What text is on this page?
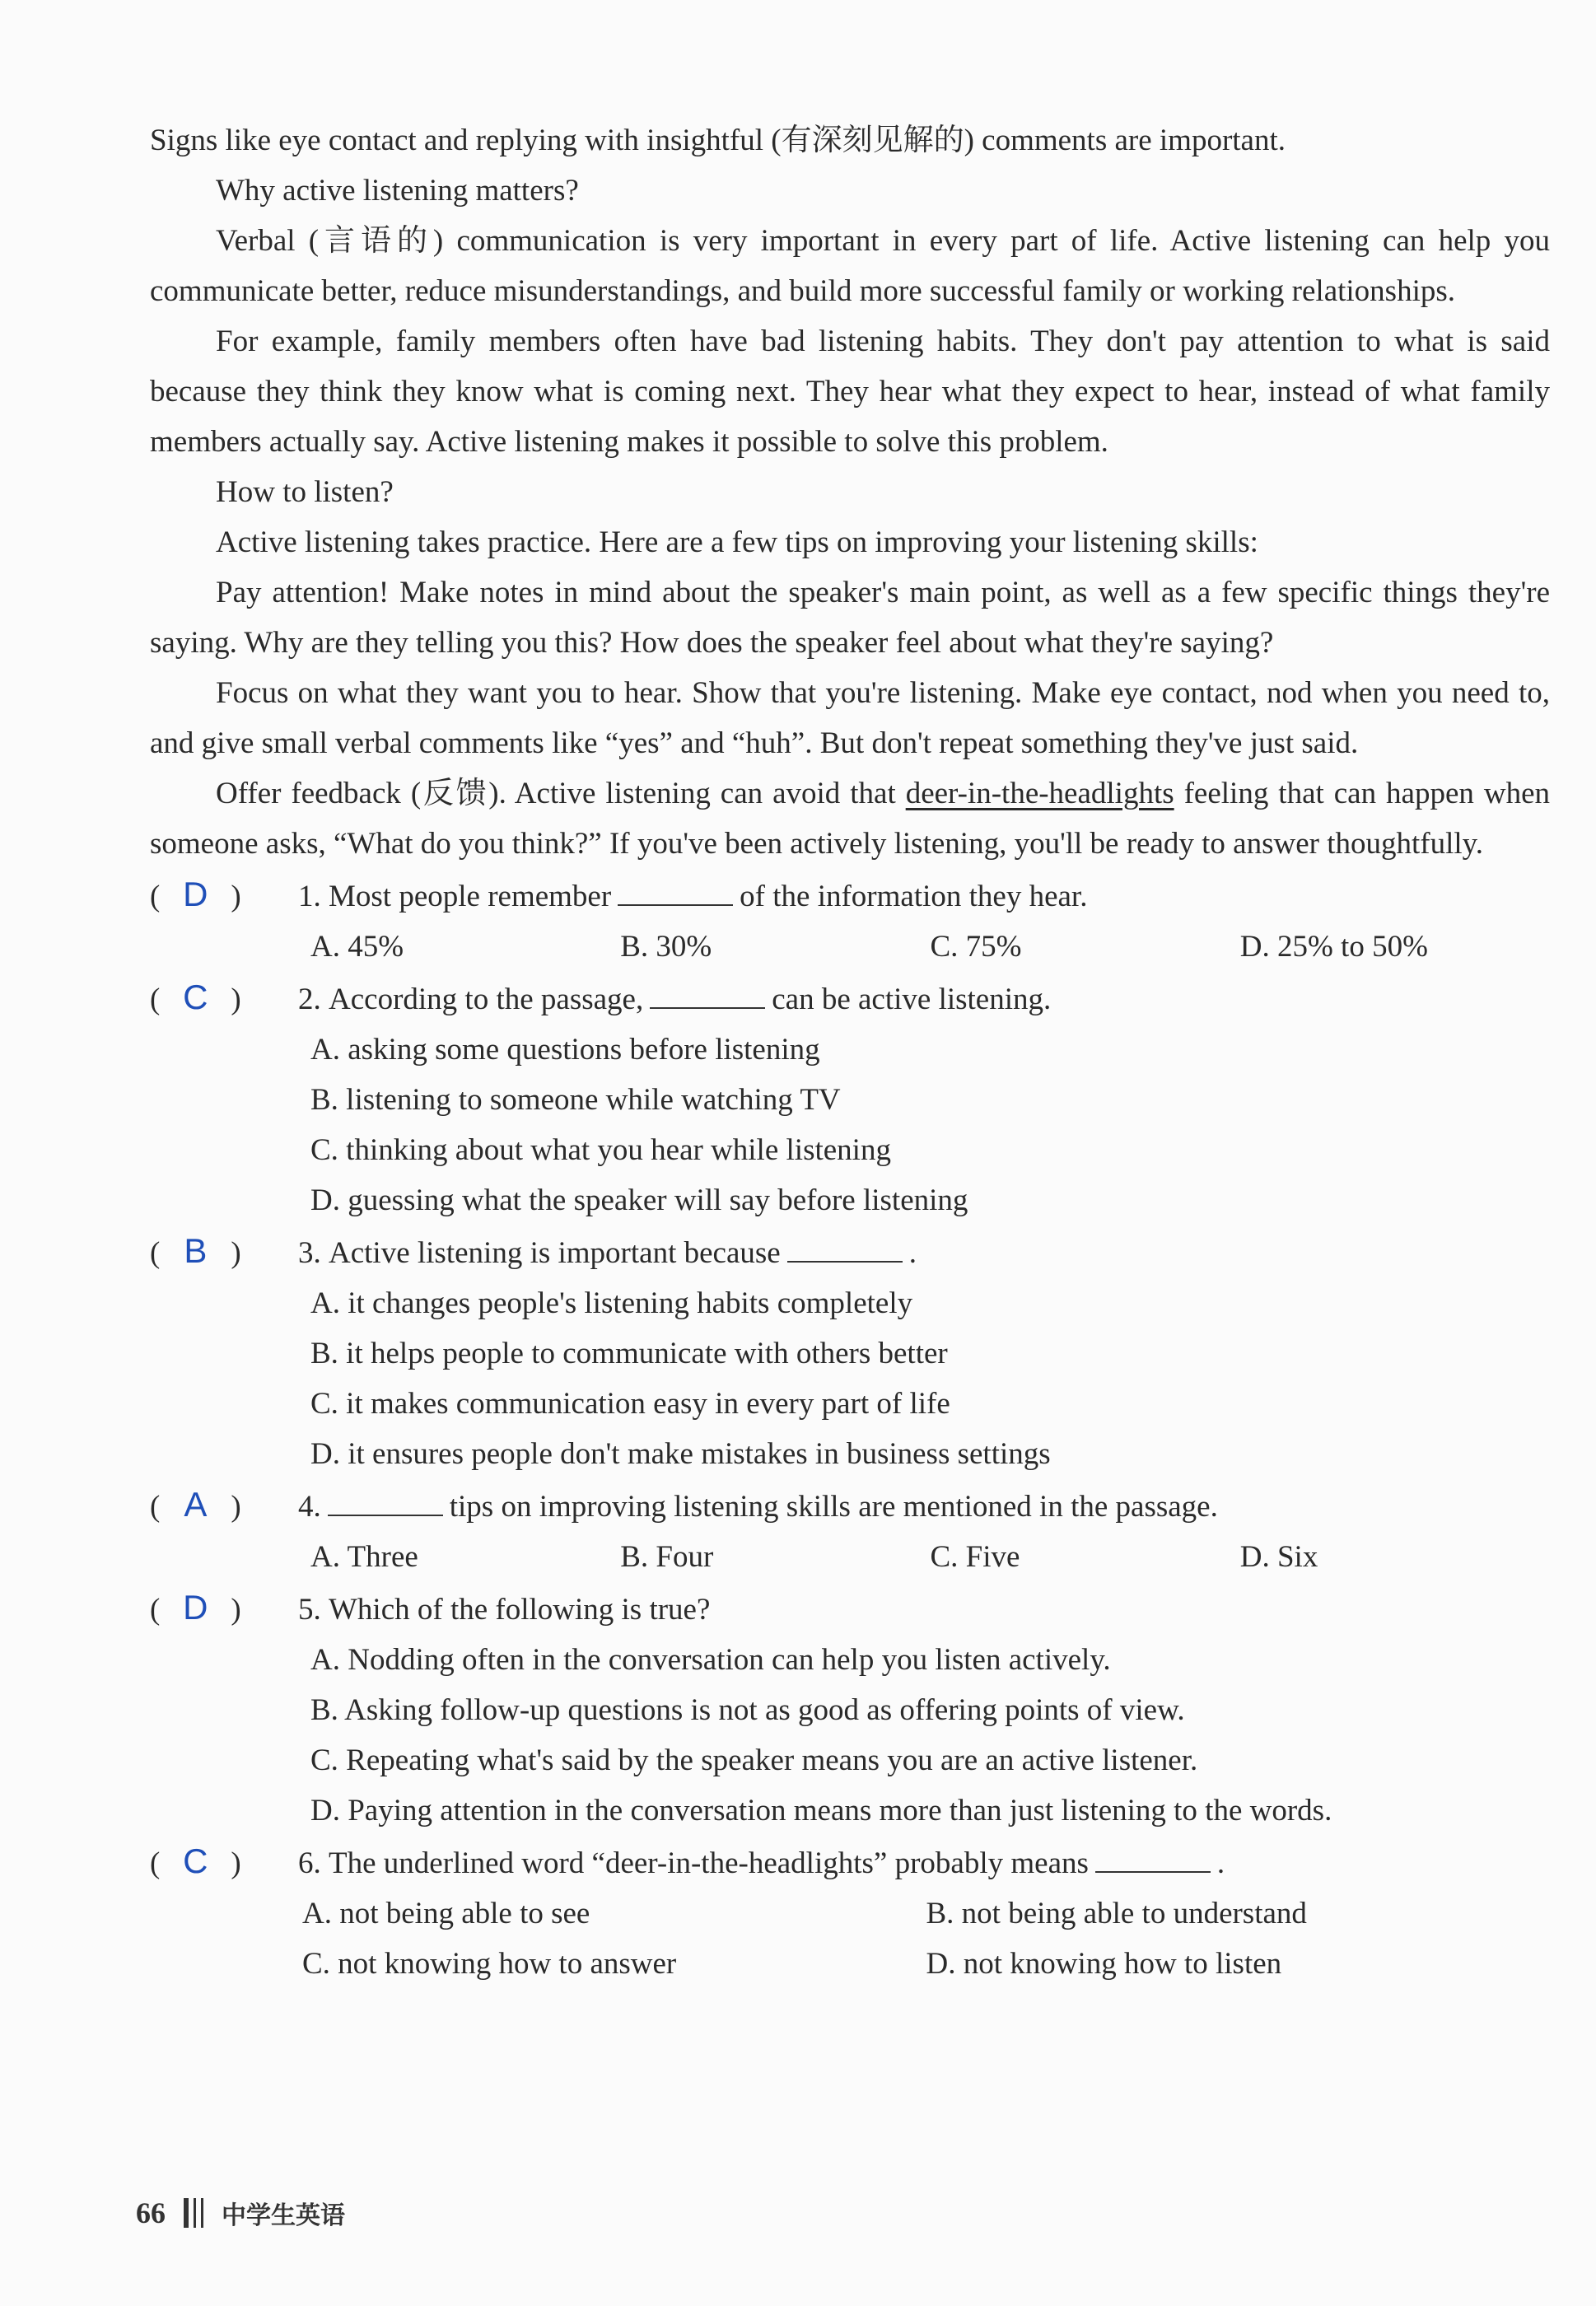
Signs like eye contact and replying with insightful (有深刻见解的) comments are important.

Why active listening matters?

Verbal (言语的) communication is very important in every part of life. Active listening can help you communicate better, reduce misunderstandings, and build more successful family or working relationships.

For example, family members often have bad listening habits. They don't pay attention to what is said because they think they know what is coming next. They hear what they expect to hear, instead of what family members actually say. Active listening makes it possible to solve this problem.

How to listen?

Active listening takes practice. Here are a few tips on improving your listening skills:

Pay attention! Make notes in mind about the speaker's main point, as well as a few specific things they're saying. Why are they telling you this? How does the speaker feel about what they're saying?

Focus on what they want you to hear. Show that you're listening. Make eye contact, nod when you need to, and give small verbal comments like “yes” and “huh”. But don't repeat something they've just said.

Offer feedback (反馈). Active listening can avoid that deer-in-the-headlights feeling that can happen when someone asks, “What do you think?” If you've been actively listening, you'll be ready to answer thoughtfully.

( D )	1.
Most people remember	of the information they hear.
A. 45%	B. 30%	C. 75%	D. 25% to 50%
( C )	2.
According to the passage,	can be active listening.
A. asking some questions before listening
B. listening to someone while watching TV
C. thinking about what you hear while listening
D. guessing what the speaker will say before listening
( B )	3.
Active listening is important because	.
A. it changes people's listening habits completely
B. it helps people to communicate with others better
C. it makes communication easy in every part of life
D. it ensures people don't make mistakes in business settings
( A )	4.	tips on improving listening skills are mentioned in the passage.
A. Three	B. Four	C. Five	D. Six
( D )	5.
Which of the following is true?
A. Nodding often in the conversation can help you listen actively.
B. Asking follow-up questions is not as good as offering points of view.
C. Repeating what's said by the speaker means you are an active listener.
D. Paying attention in the conversation means more than just listening to the words.
( C )	6.
The underlined word “deer-in-the-headlights” probably means	.
A. not being able to see	B. not being able to understand
C. not knowing how to answer	D. not knowing how to listen
66 中学生英语
